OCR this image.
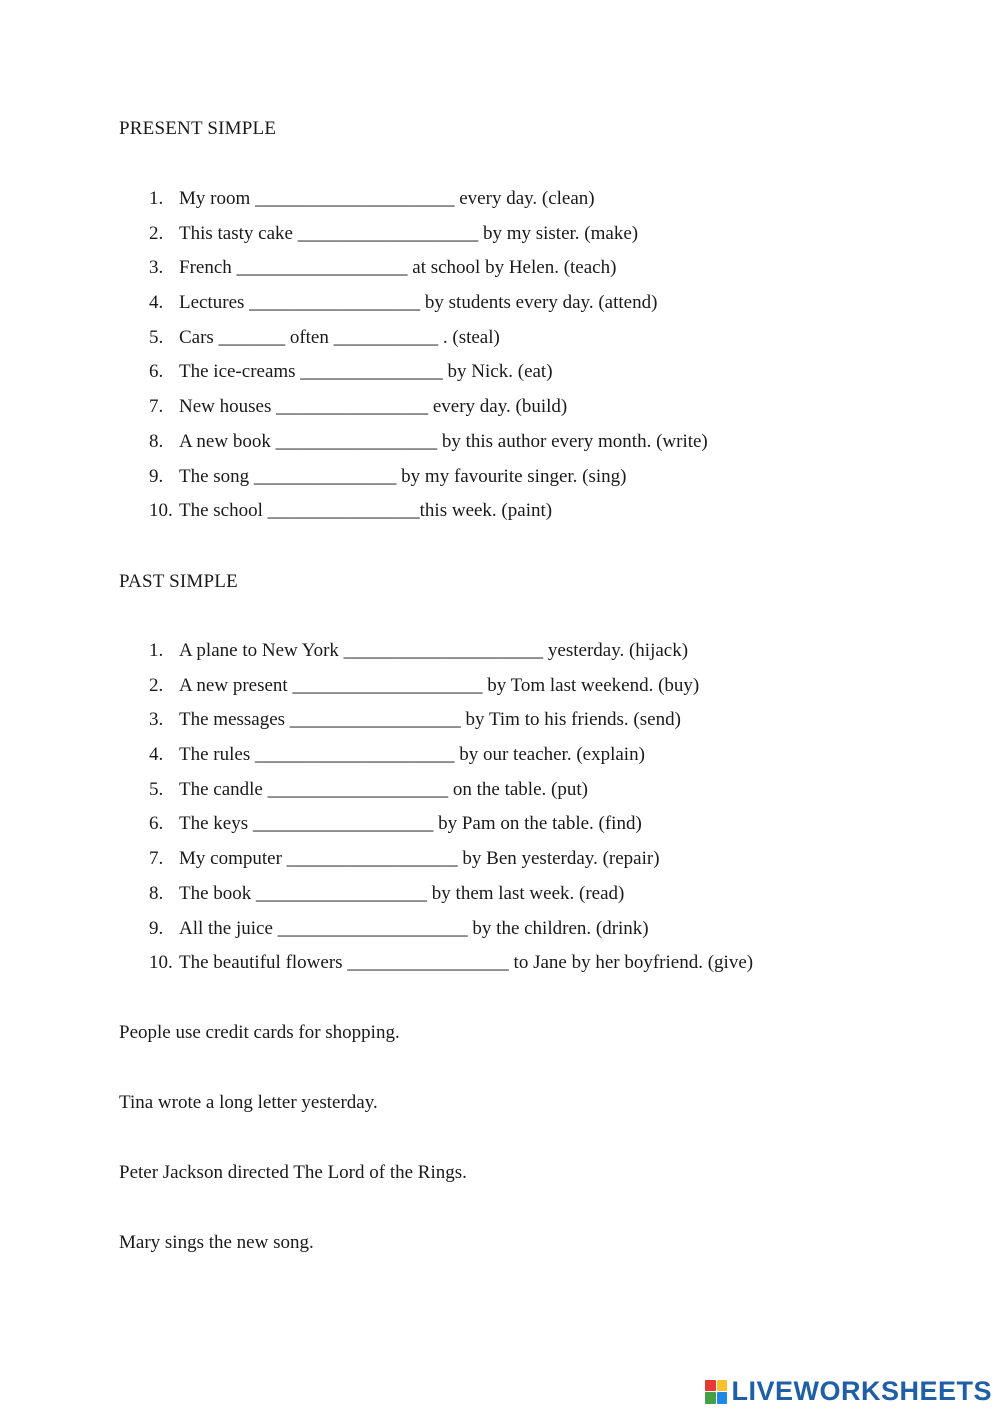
PRESENT SIMPLE
1. My room _____________________ every day. (clean)
2. This tasty cake ___________________ by my sister. (make)
3. French __________________ at school by Helen. (teach)
4. Lectures __________________ by students every day. (attend)
5. Cars _______ often ___________ . (steal)
6. The ice-creams _______________ by Nick. (eat)
7. New houses ________________ every day. (build)
8. A new book _________________ by this author every month. (write)
9. The song _______________ by my favourite singer. (sing)
10. The school ________________this week. (paint)
PAST SIMPLE
1. A plane to New York _____________________ yesterday. (hijack)
2. A new present ____________________ by Tom last weekend. (buy)
3. The messages __________________ by Tim to his friends. (send)
4. The rules _____________________ by our teacher. (explain)
5. The candle ___________________ on the table. (put)
6. The keys ___________________ by Pam on the table. (find)
7. My computer __________________ by Ben yesterday. (repair)
8. The book __________________ by them last week. (read)
9. All the juice ____________________ by the children. (drink)
10. The beautiful flowers _________________ to Jane by her boyfriend. (give)
People use credit cards for shopping.
Tina wrote a long letter yesterday.
Peter Jackson directed The Lord of the Rings.
Mary sings the new song.
LIVEWORKSHEETS
